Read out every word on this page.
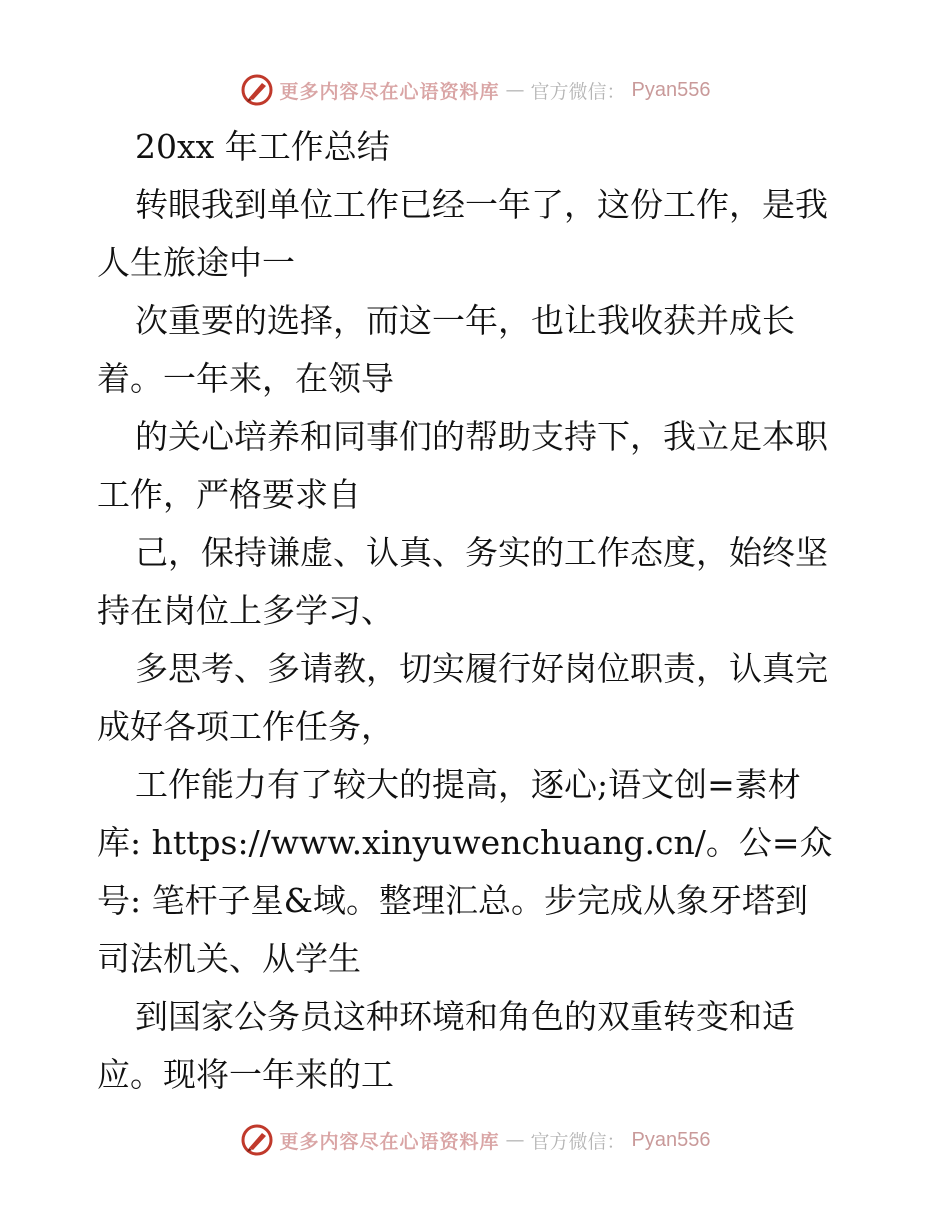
更多内容尽在心语资料库 — 官方微信： Pyan556
20xx 年工作总结
转眼我到单位工作已经一年了，这份工作，是我
人生旅途中一
次重要的选择，而这一年，也让我收获并成长
着。一年来，在领导
的关心培养和同事们的帮助支持下，我立足本职
工作，严格要求自
己，保持谦虚、认真、务实的工作态度，始终坚
持在岗位上多学习、
多思考、多请教，切实履行好岗位职责，认真完
成好各项工作任务，
工作能力有了较大的提高，逐心;语文创=素材
库: https://www.xinyuwenchuang.cn/。公=众
号: 笔杆子星&域。整理汇总。步完成从象牙塔到
司法机关、从学生
到国家公务员这种环境和角色的双重转变和适
应。现将一年来的工
更多内容尽在心语资料库 — 官方微信： Pyan556
